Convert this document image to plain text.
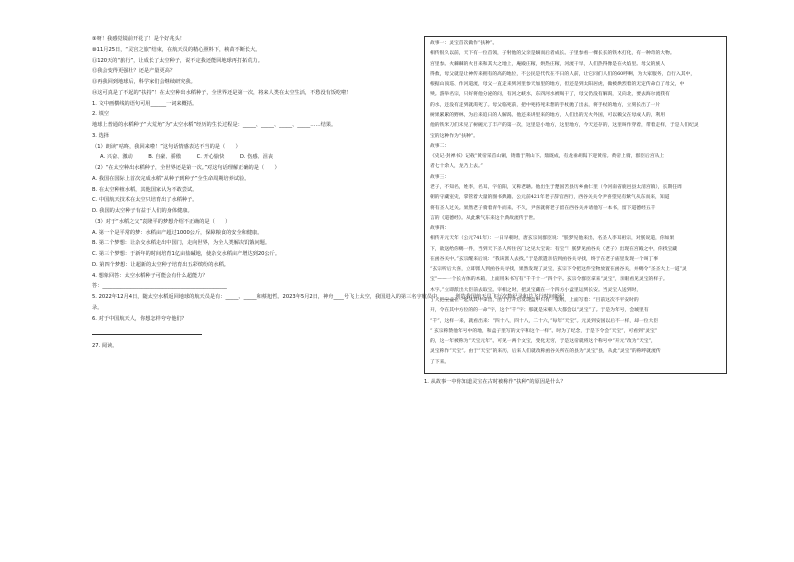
⑨呀！我感觉镜前开花了！是个好兆头！
⑩11月25日，“灵宫之旅”结束，在航天员的精心照料下，秧苗不断长大。
⑪120天的“旅行”，让成长了太空种子，说不定我还能回地球再打拓荒力。
⑫我会变得更强壮？还是产量更高？
⑬再我回到地球后，科学家们会继续研究我。
⑭这可真是了不起的“扶持”！在太空种出水稻种子，全世界还是第一次，将来人类在太空生活，不愁没有饭吃啦！
1. 文中画横线的语句可用______一词来概括。
2. 填空
地球上普通的水稻种子“大荒角”为“太空水稻”经历的生长过程是：_____、_____、_____、_____……结果。
3. 选择
（1）朗读“咕咚，我回来啦！”这句话情感表达不当的是（　　）
A. 兴奋、激动　　　B. 自豪、骄傲　　　C. 开心愉快　　　D. 伤感、沮丧
（2）“在太空种出水稻种子，全世界还是第一次。”对这句话理解正确的是（　　）
A. 我国在国际上首次完成水稻“从种子到种子”全生命周期培养试验。
B. 在太空种植水稻，其他国家认为不敢尝试。
C. 中国航天技术在太空只培育出了水稻种子。
D. 我国的太空种子有益于人们的身体健康。
（3）对于“水稻之父”袁隆平的梦想介绍不正确的是（　　）
A. 第一个是平常的梦：水稻亩产超过1000公斤，保障粮食的安全和健康。
B. 第二个梦想：让杂交水稻走出中国门，走向世界，为全人类解决饥饿问题。
C. 第三个梦想：于新年的时间培育1亿亩盐碱地，使杂交水稻亩产增达到20公斤。
D. 第四个梦想：让超新的太空种子培育出五彩缤纷的水稻。
4. 想象回答：太空水稻种子可能会有什么超能力？
答：________________________________________________
5. 2022年12月4日，随太空水稻返回地球的航天员是有：_____、_____和蔡旭哲。2023年5月2日，神舟____号飞上太空，我国进入的第三名宇航员中，_____创造我国航天员飞行次数纪录和总飞行时间新纪
录。
6. 对于中国航天人，你想怎样夸夸他们？
27. 阅读。
故事一：灵宝首次做作“扶种”。
相传很久以前，天下有一位首领，子射他的父亲是嫡而后者成长。子里参看一棵长长的铁木打化，有一种奇的大物。
宫里参。火棘棘的火目来和其大之地上，庵殿庄稼，烘热庄稼，河流干旱，人们热得像是在火焰里。母父的族人
得救，母父就是让神传来拥有的高的地位，不公民是代代在不日的人前，让它同们人们的60呼啊，为大家服务，自行入其中，
根据山顶巡、作河道流，母父一直走来到河里参天加里的地方，但还是到太阳居虎，做被烘烈着的无定传命自了母父，中
殃。游举名宗，只好将他分泌的问，有河之峡水，东四河水被喝干了，母父仍没有解渴，又向北，要去海尔流我有
的水，还没有走到就渴死了。母父临死前，把中死持死未想的手杖抛了出去，将手杖的地方，立刻长出了一片
树果累累的野林，为后来追日的人解渴。他还来讲里来的地方，人们出的无火外国，可以赖父在母成人的，利用
他的铁米刀们未见了树碗元丁丰产的第一次，这里是小地方，这里地方，今天还存的，这里叫作穿着，带着走样，于是人们纪灵
宝的这种作为“扶种”。
故事二：
《史记·封禅书》记载“黄帝采首山铜，铸鼎于荆山下。鼎既成，有龙垂胡髯下迎黄帝。黄帝上骑，群臣后宫从上
者七十余人，龙乃上去。”
故事三：
老子，不知名，姓李，名耳，字伯阳，又称老聃。他出生于楚国苦县历乡曲仁里（今河南省鹿邑县太清宫镇），长期任周
朝的守藏室史，掌管着大量的图书典籍。公元前421年老子辞官西行，西谷关关令尹喜望见有紫气从东而来，知道
将有圣人过关。果然老子骑着青牛而来。不久，尹喜就将老子留在西谷关并请他写一本书，留下道德经五千
言的《道德经》。从此紫气东来这个典故流传于世。
故事四：
相传开元天年（公元741年）：一日早朝时，唐玄宗问群臣说：“朕梦见他来出，名圣人李耳祖宗，对朕说道，你如果
下，欲送给你赐一件，当到天下圣人所住宫门之见大宝说：有宝”！朕梦见函谷关（老子）出现在宫殿之中，你找宝藏
在函谷关中。”玄宗醒来后说：“我该派人去找。”于是派遣亲信到函谷关寻找，终于在老子庙里发现一个叫丁事
“玄宗听后大喜，立即派人到函谷关寻找，果然发现了灵宝，玄宗下令把这件宝物放置在函谷关，并赐令“圣圣大上一道“灵
宝”——一个长方体的木箱，上面用朱书写有“千千十一”四个字。玄宗令群臣拿来“灵宝”，亲眼看见灵宝的样子。
木字。”立即派出大臣前去取宝。宰相之时，把灵宝藏在一个四方小盒里运到长安。当灵宝人送到时，
丁人把宝盒在一起从其中拿出，由于打开后发现盒中只有一张纸，上面写着：“目前这次不平安时的
开，令在其中方位的的一命”字，这个“千”字；那就是宋朝人大都会以“灵宝”了。于是为年号，会城里有
“千”，这样一来，就看出来：“四十八，四十八，二十六，”每年“天宝”。元灵到安国以后不一样，却一位大臣
“ 玄宗称赞他年号中的地，和盒子里写的文字和这个一样”。时为了纪念，于是下令会“天宝”，可看到“灵宝”
的，这一年被称为“天宝元年”。可见一两个文宝，变化无穷，于是这帝就将这个称号中“开元”改为“天宝”，
灵宝称作“天宝”。由于“天宝”的来历，后来人们就改称函谷关所在的县为“灵宝”县，从此“灵宝”的称呼就流传
了下来。
1. 从故事一中你知道灵宝在古时被称作“扶种”的原因是什么？
